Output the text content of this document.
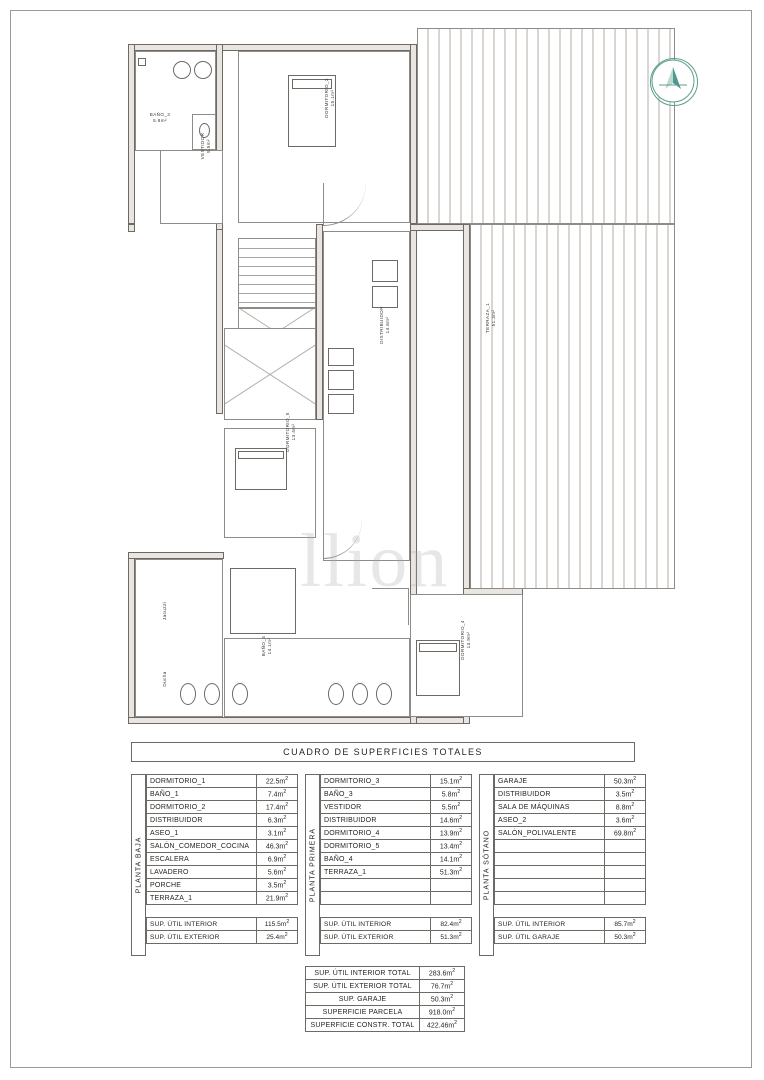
BAÑO_3
5.8m²
DORMITORIO_3
15.1m²
VESTIDOR
5.5m²
TERRAZA_1
51.3m²
DISTRIBUIDOR
14.6m²
DORMITORIO_5
13.4m²
Jacuzzi
Ducha
BAÑO_4
14.1m²	DORMITORIO_4
13.9m²
llion
CUADRO DE SUPERFICIES TOTALES
PLANTA BAJA
DORMITORIO_1	$22.5m^2$
BAÑO_1	$7.4m^2$
DORMITORIO_2	$17.4m^2$
DISTRIBUIDOR	$6.3m^2$
ASEO_1	$3.1m^2$
SALÓN_COMEDOR_COCINA	$46.3m^2$
ESCALERA	$6.9m^2$
LAVADERO	$5.6m^2$
PORCHE	$3.5m^2$
TERRAZA_1	$21.9m^2$

SUP. ÚTIL INTERIOR	$115.5m^2$
SUP. ÚTIL EXTERIOR	$25.4m^2$
PLANTA PRIMERA
DORMITORIO_3	$15.1m^2$
BAÑO_3	$5.8m^2$
VESTIDOR	$5.5m^2$
DISTRIBUIDOR	$14.6m^2$
DORMITORIO_4	$13.9m^2$
DORMITORIO_5	$13.4m^2$
BAÑO_4	$14.1m^2$
TERRAZA_1	$51.3m^2$

SUP. ÚTIL INTERIOR	$82.4m^2$
SUP. ÚTIL EXTERIOR	$51.3m^2$
PLANTA SÓTANO
GARAJE	$50.3m^2$
DISTRIBUIDOR	$3.5m^2$
SALA DE MÁQUINAS	$8.8m^2$
ASEO_2	$3.6m^2$
SALÓN_POLIVALENTE	$69.8m^2$

SUP. ÚTIL INTERIOR	$85.7m^2$
SUP. ÚTIL GARAJE	$50.3m^2$
SUP. ÚTIL INTERIOR TOTAL	$283.6m^2$
SUP. ÚTIL EXTERIOR TOTAL	$76.7m^2$
SUP. GARAJE	$50.3m^2$
SUPERFICIE PARCELA	$918.0m^2$
SUPERFICIE CONSTR. TOTAL	$422.46m^2$
